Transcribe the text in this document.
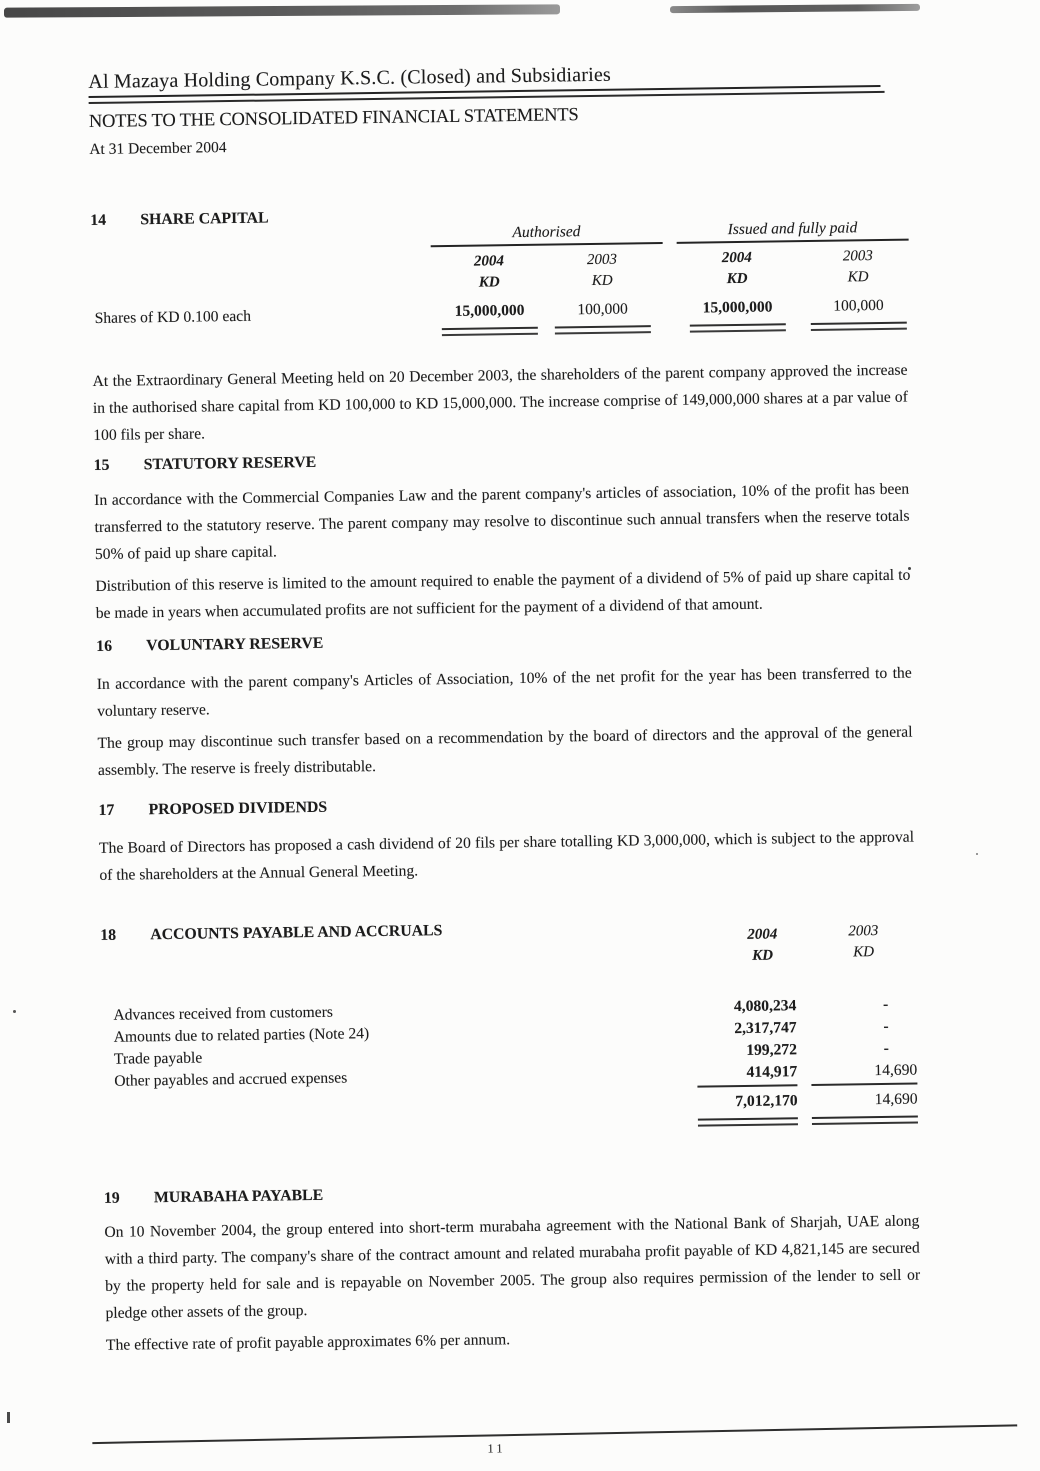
Al Mazaya Holding Company K.S.C. (Closed) and Subsidiaries
NOTES TO THE CONSOLIDATED FINANCIAL STATEMENTS
At 31 December 2004
14	SHARE CAPITAL
Authorised	Issued and fully paid
2004	2003	2004	2003
KD	KD	KD	KD
Shares of KD 0.100 each	15,000,000	100,000	15,000,000	100,000

At the Extraordinary General Meeting held on 20 December 2003, the shareholders of the parent company approved the increase in the authorised share capital from KD 100,000 to KD 15,000,000. The increase comprise of 149,000,000 shares at a par value of 100 fils per share.

15	STATUTORY RESERVE

In accordance with the Commercial Companies Law and the parent company's articles of association, 10% of the profit has been transferred to the statutory reserve. The parent company may resolve to discontinue such annual transfers when the reserve totals 50% of paid up share capital.

Distribution of this reserve is limited to the amount required to enable the payment of a dividend of 5% of paid up share capital to be made in years when accumulated profits are not sufficient for the payment of a dividend of that amount.

16	VOLUNTARY RESERVE

In accordance with the parent company's Articles of Association, 10% of the net profit for the year has been transferred to the voluntary reserve.

The group may discontinue such transfer based on a recommendation by the board of directors and the approval of the general assembly. The reserve is freely distributable.

17	PROPOSED DIVIDENDS

The Board of Directors has proposed a cash dividend of 20 fils per share totalling KD 3,000,000, which is subject to the approval of the shareholders at the Annual General Meeting.

18	ACCOUNTS PAYABLE AND ACCRUALS	2004
KD
2003
KD
Advances received from customers	4,080,234	-
Amounts due to related parties (Note 24)	2,317,747	-
Trade payable	199,272	-
Other payables and accrued expenses	414,917	14,690
7,012,170	14,690
19	MURABAHA PAYABLE

On 10 November 2004, the group entered into short-term murabaha agreement with the National Bank of Sharjah, UAE along with a third party. The company's share of the contract amount and related murabaha profit payable of KD 4,821,145 are secured by the property held for sale and is repayable on November 2005. The group also requires permission of the lender to sell or pledge other assets of the group.

The effective rate of profit payable approximates 6% per annum.

11
